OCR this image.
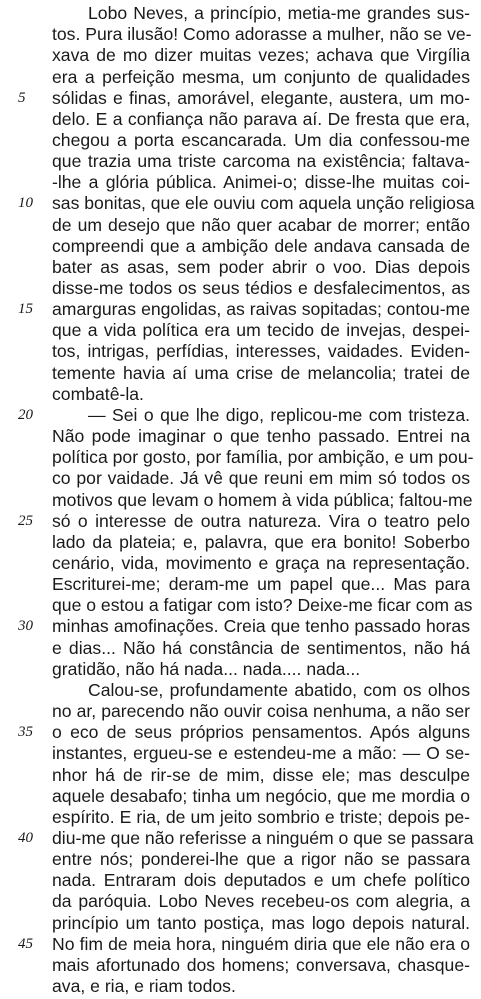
Lobo Neves, a princípio, metia-me grandes sus-
tos. Pura ilusão! Como adorasse a mulher, não se ve-
xava de mo dizer muitas vezes; achava que Virgília
era a perfeição mesma, um conjunto de qualidades
sólidas e finas, amorável, elegante, austera, um mo-
delo. E a confiança não parava aí. De fresta que era,
chegou a porta escancarada. Um dia confessou-me
que trazia uma triste carcoma na existência; faltava-
-lhe a glória pública. Animei-o; disse-lhe muitas coi-
sas bonitas, que ele ouviu com aquela unção religiosa
de um desejo que não quer acabar de morrer; então
compreendi que a ambição dele andava cansada de
bater as asas, sem poder abrir o voo. Dias depois
disse-me todos os seus tédios e desfalecimentos, as
amarguras engolidas, as raivas sopitadas; contou-me
que a vida política era um tecido de invejas, despei-
tos, intrigas, perfídias, interesses, vaidades. Eviden-
temente havia aí uma crise de melancolia; tratei de
combatê-la.
— Sei o que lhe digo, replicou-me com tristeza.
Não pode imaginar o que tenho passado. Entrei na
política por gosto, por família, por ambição, e um pou-
co por vaidade. Já vê que reuni em mim só todos os
motivos que levam o homem à vida pública; faltou-me
só o interesse de outra natureza. Vira o teatro pelo
lado da plateia; e, palavra, que era bonito! Soberbo
cenário, vida, movimento e graça na representação.
Escriturei-me; deram-me um papel que... Mas para
que o estou a fatigar com isto? Deixe-me ficar com as
minhas amofinações. Creia que tenho passado horas
e dias... Não há constância de sentimentos, não há
gratidão, não há nada... nada.... nada...
Calou-se, profundamente abatido, com os olhos
no ar, parecendo não ouvir coisa nenhuma, a não ser
o eco de seus próprios pensamentos. Após alguns
instantes, ergueu-se e estendeu-me a mão: — O se-
nhor há de rir-se de mim, disse ele; mas desculpe
aquele desabafo; tinha um negócio, que me mordia o
espírito. E ria, de um jeito sombrio e triste; depois pe-
diu-me que não referisse a ninguém o que se passara
entre nós; ponderei-lhe que a rigor não se passara
nada. Entraram dois deputados e um chefe político
da paróquia. Lobo Neves recebeu-os com alegria, a
princípio um tanto postiça, mas logo depois natural.
No fim de meia hora, ninguém diria que ele não era o
mais afortunado dos homens; conversava, chasque-
ava, e ria, e riam todos.
5
10
15
20
25
30
35
40
45
